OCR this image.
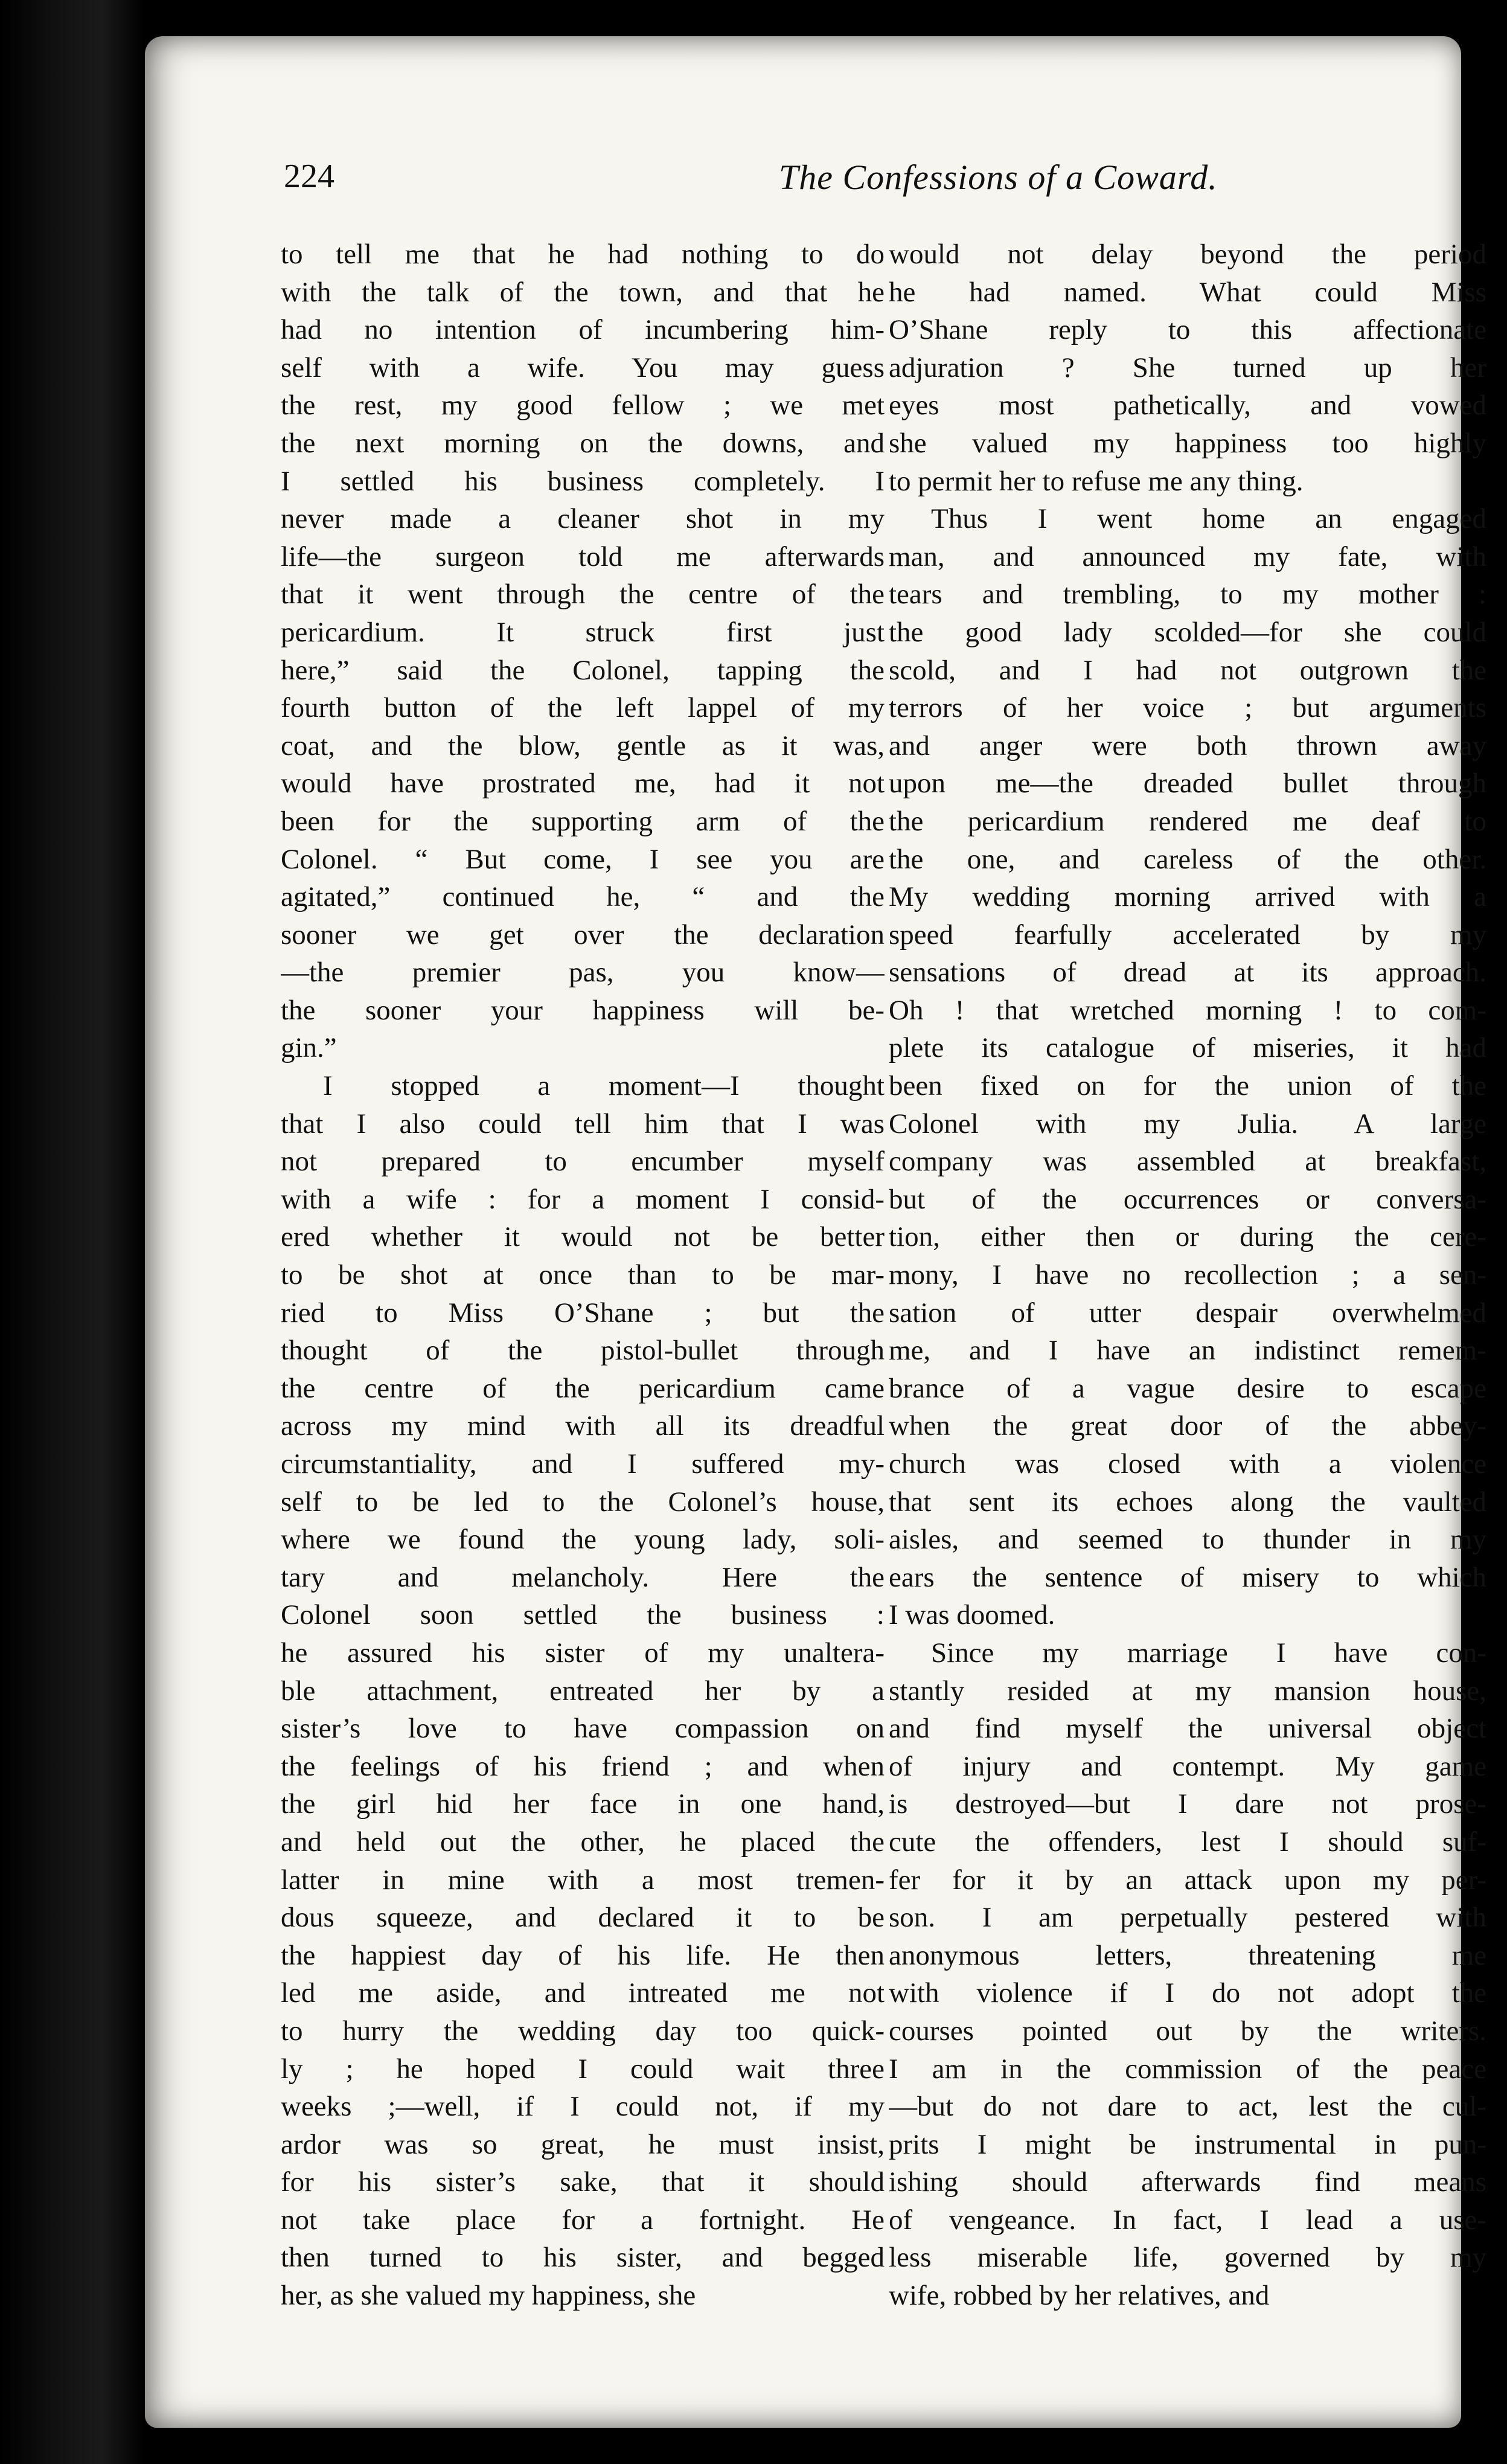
224	The Confessions of a Coward.
to tell me that he had nothing to do
with the talk of the town, and that he
had no intention of incumbering him-
self with a wife. You may guess
the rest, my good fellow ; we met
the next morning on the downs, and
I settled his business completely. I
never made a cleaner shot in my
life—the surgeon told me afterwards
that it went through the centre of the
pericardium. It struck first just
here,” said the Colonel, tapping the
fourth button of the left lappel of my
coat, and the blow, gentle as it was,
would have prostrated me, had it not
been for the supporting arm of the
Colonel. “ But come, I see you are
agitated,” continued he, “ and the
sooner we get over the declaration
—the premier pas, you know—
the sooner your happiness will be-
gin.”
I stopped a moment—I thought
that I also could tell him that I was
not prepared to encumber myself
with a wife : for a moment I consid-
ered whether it would not be better
to be shot at once than to be mar-
ried to Miss O’Shane ; but the
thought of the pistol-bullet through
the centre of the pericardium came
across my mind with all its dreadful
circumstantiality, and I suffered my-
self to be led to the Colonel’s house,
where we found the young lady, soli-
tary and melancholy. Here the
Colonel soon settled the business :
he assured his sister of my unaltera-
ble attachment, entreated her by a
sister’s love to have compassion on
the feelings of his friend ; and when
the girl hid her face in one hand,
and held out the other, he placed the
latter in mine with a most tremen-
dous squeeze, and declared it to be
the happiest day of his life. He then
led me aside, and intreated me not
to hurry the wedding day too quick-
ly ; he hoped I could wait three
weeks ;—well, if I could not, if my
ardor was so great, he must insist,
for his sister’s sake, that it should
not take place for a fortnight. He
then turned to his sister, and begged
her, as she valued my happiness, she
would not delay beyond the period
he had named. What could Miss
O’Shane reply to this affectionate
adjuration ? She turned up her
eyes most pathetically, and vowed
she valued my happiness too highly
to permit her to refuse me any thing.
Thus I went home an engaged
man, and announced my fate, with
tears and trembling, to my mother :
the good lady scolded—for she could
scold, and I had not outgrown the
terrors of her voice ; but arguments
and anger were both thrown away
upon me—the dreaded bullet through
the pericardium rendered me deaf to
the one, and careless of the other.
My wedding morning arrived with a
speed fearfully accelerated by my
sensations of dread at its approach.
Oh ! that wretched morning ! to com-
plete its catalogue of miseries, it had
been fixed on for the union of the
Colonel with my Julia. A large
company was assembled at breakfast,
but of the occurrences or conversa-
tion, either then or during the cere-
mony, I have no recollection ; a sen-
sation of utter despair overwhelmed
me, and I have an indistinct remem-
brance of a vague desire to escape
when the great door of the abbey-
church was closed with a violence
that sent its echoes along the vaulted
aisles, and seemed to thunder in my
ears the sentence of misery to which
I was doomed.
Since my marriage I have con-
stantly resided at my mansion house,
and find myself the universal object
of injury and contempt. My game
is destroyed—but I dare not prose-
cute the offenders, lest I should suf-
fer for it by an attack upon my per-
son. I am perpetually pestered with
anonymous letters, threatening me
with violence if I do not adopt the
courses pointed out by the writers.
I am in the commission of the peace
—but do not dare to act, lest the cul-
prits I might be instrumental in pun-
ishing should afterwards find means
of vengeance. In fact, I lead a use-
less miserable life, governed by my
wife, robbed by her relatives, and
